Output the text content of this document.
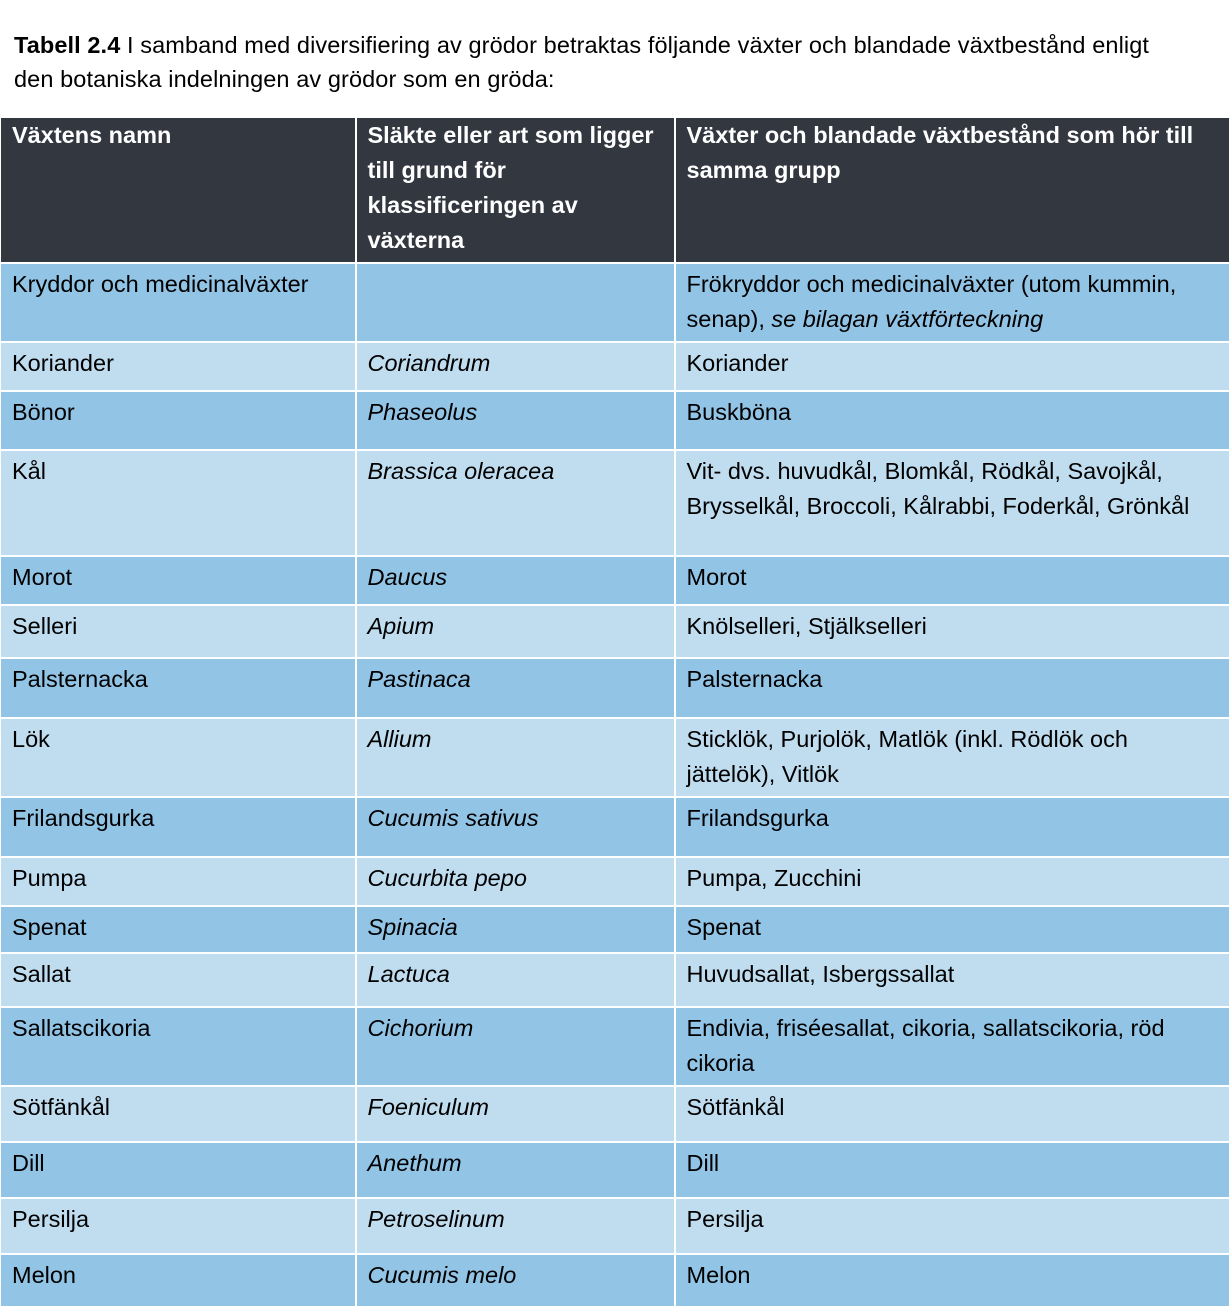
Tabell 2.4 I samband med diversifiering av grödor betraktas följande växter och blandade växtbestånd enligt den botaniska indelningen av grödor som en gröda:
Växtens namn	Släkte eller art som ligger till grund för klassificeringen av växterna	Växter och blandade växtbestånd som hör till samma grupp
Kryddor och medicinalväxter		Frökryddor och medicinalväxter (utom kummin, senap), se bilagan växtförteckning
Koriander	Coriandrum	Koriander
Bönor	Phaseolus	Buskböna
Kål	Brassica oleracea	Vit- dvs. huvudkål, Blomkål, Rödkål, Savojkål, Brysselkål, Broccoli, Kålrabbi, Foderkål, Grönkål
Morot	Daucus	Morot
Selleri	Apium	Knölselleri, Stjälkselleri
Palsternacka	Pastinaca	Palsternacka
Lök	Allium	Sticklök, Purjolök, Matlök (inkl. Rödlök och jättelök), Vitlök
Frilandsgurka	Cucumis sativus	Frilandsgurka
Pumpa	Cucurbita pepo	Pumpa, Zucchini
Spenat	Spinacia	Spenat
Sallat	Lactuca	Huvudsallat, Isbergssallat
Sallatscikoria	Cichorium	Endivia, friséesallat, cikoria, sallatscikoria, röd cikoria
Sötfänkål	Foeniculum	Sötfänkål
Dill	Anethum	Dill
Persilja	Petroselinum	Persilja
Melon	Cucumis melo	Melon
